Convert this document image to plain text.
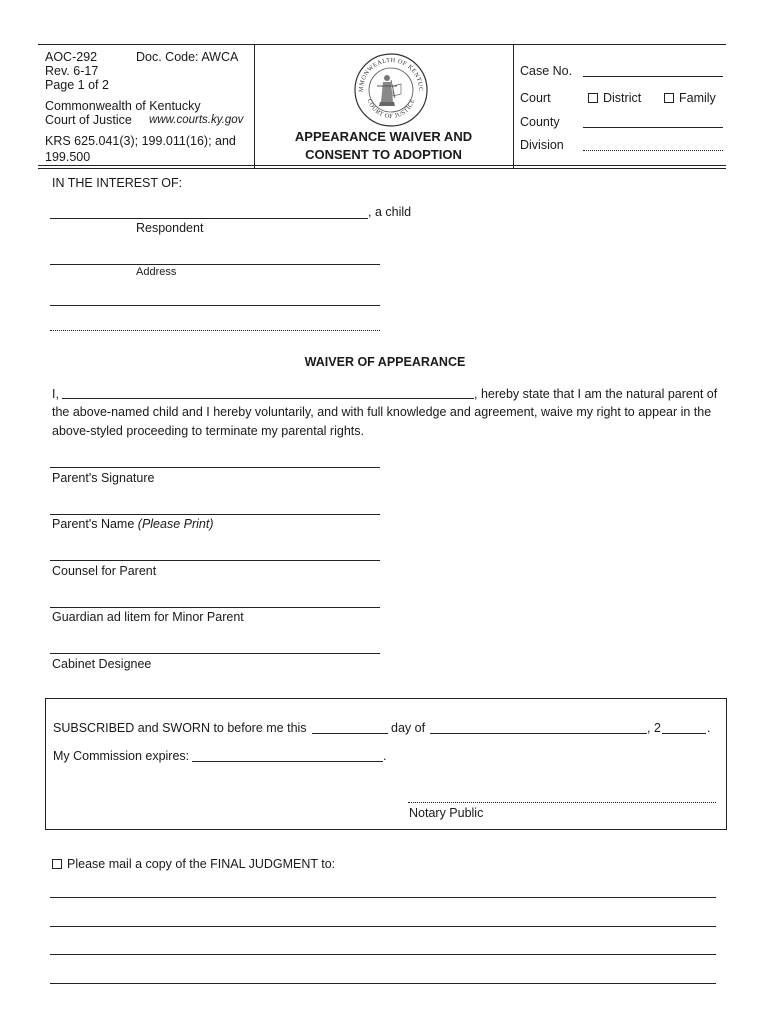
AOC-292	Doc. Code: AWCA
Rev. 6-17
Page 1 of 2
Commonwealth of Kentucky
Court of Justice www.courts.ky.gov
KRS 625.041(3); 199.011(16); and
199.500
MMONWEALTH OF KENTUC
COURT OF JUSTICE
APPEARANCE WAIVER AND
CONSENT TO ADOPTION
Case No.
Court	District	Family
County
Division
IN THE INTEREST OF:
, a child
Respondent
Address
WAIVER OF APPEARANCE
I,	, hereby state that I am the natural parent of
the above-named child and I hereby voluntarily, and with full knowledge and agreement, waive my right to appear in the
above-styled proceeding to terminate my parental rights.
Parent's Signature
Parent's Name (Please Print)
Counsel for Parent
Guardian ad litem for Minor Parent
Cabinet Designee
SUBSCRIBED and SWORN to before me this	day of	, 2	.
My Commission expires:	.
Notary Public
Please mail a copy of the FINAL JUDGMENT to:
